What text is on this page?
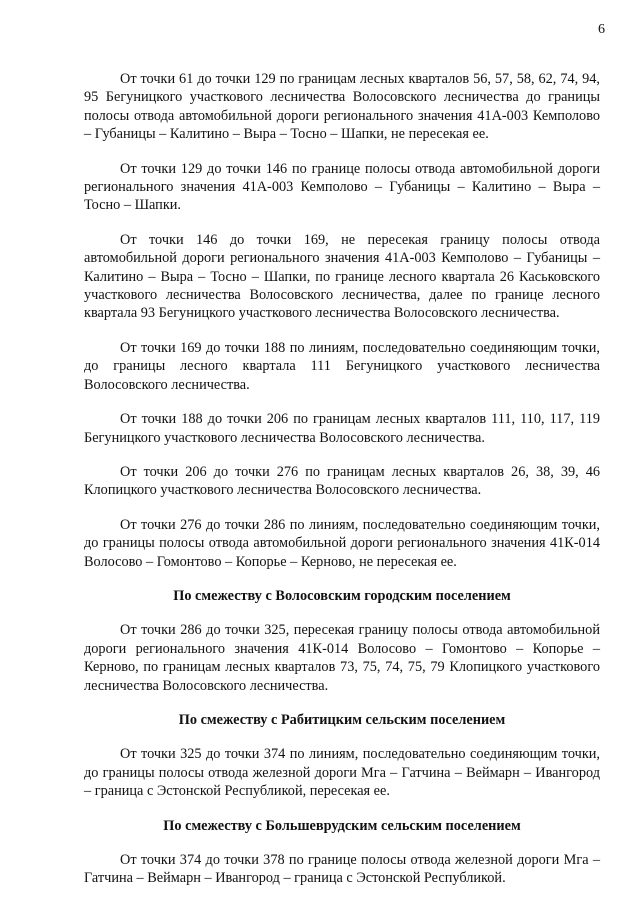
6

От точки 61 до точки 129 по границам лесных кварталов 56, 57, 58, 62, 74, 94, 95 Бегуницкого участкового лесничества Волосовского лесничества до границы полосы отвода автомобильной дороги регионального значения 41А-003 Кемполово – Губаницы – Калитино – Выра – Тосно – Шапки, не пересекая ее.

От точки 129 до точки 146 по границе полосы отвода автомобильной дороги регионального значения 41А-003 Кемполово – Губаницы – Калитино – Выра – Тосно – Шапки.

От точки 146 до точки 169, не пересекая границу полосы отвода автомобильной дороги регионального значения 41А-003 Кемполово – Губаницы – Калитино – Выра – Тосно – Шапки, по границе лесного квартала 26 Каськовского участкового лесничества Волосовского лесничества, далее по границе лесного квартала 93 Бегуницкого участкового лесничества Волосовского лесничества.

От точки 169 до точки 188 по линиям, последовательно соединяющим точки, до границы лесного квартала 111 Бегуницкого участкового лесничества Волосовского лесничества.

От точки 188 до точки 206 по границам лесных кварталов 111, 110, 117, 119 Бегуницкого участкового лесничества Волосовского лесничества.

От точки 206 до точки 276 по границам лесных кварталов 26, 38, 39, 46 Клопицкого участкового лесничества Волосовского лесничества.

От точки 276 до точки 286 по линиям, последовательно соединяющим точки, до границы полосы отвода автомобильной дороги регионального значения 41К-014 Волосово – Гомонтово – Копорье – Керново, не пересекая ее.

По смежеству с Волосовским городским поселением

От точки 286 до точки 325, пересекая границу полосы отвода автомобильной дороги регионального значения 41К-014 Волосово – Гомонтово – Копорье – Керново, по границам лесных кварталов 73, 75, 74, 75, 79 Клопицкого участкового лесничества Волосовского лесничества.

По смежеству с Рабитицким сельским поселением

От точки 325 до точки 374 по линиям, последовательно соединяющим точки, до границы полосы отвода железной дороги Мга – Гатчина – Веймарн – Ивангород – граница с Эстонской Республикой, пересекая ее.

По смежеству с Большеврудским сельским поселением

От точки 374 до точки 378 по границе полосы отвода железной дороги Мга – Гатчина – Веймарн – Ивангород – граница с Эстонской Республикой.
